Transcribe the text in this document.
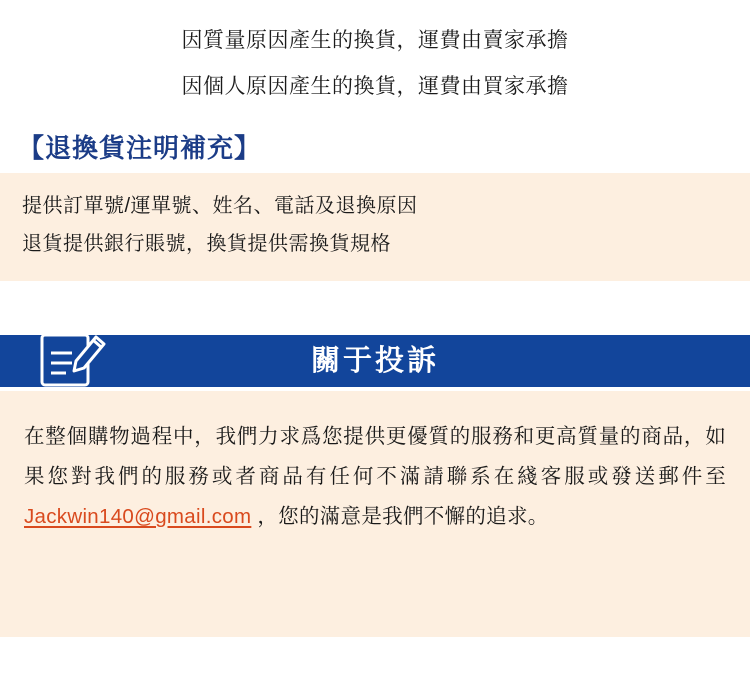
因質量原因產生的換貨，運費由賣家承擔
因個人原因產生的換貨，運費由買家承擔
【退換貨注明補充】
提供訂單號/運單號、姓名、電話及退換原因
退貨提供銀行賬號，換貨提供需換貨規格
關于投訴
在整個購物過程中，我們力求爲您提供更優質的服務和更高質量的商品，如果您對我們的服務或者商品有任何不滿請聯系在綫客服或發送郵件至 Jackwin140@gmail.com ，您的滿意是我們不懈的追求。
